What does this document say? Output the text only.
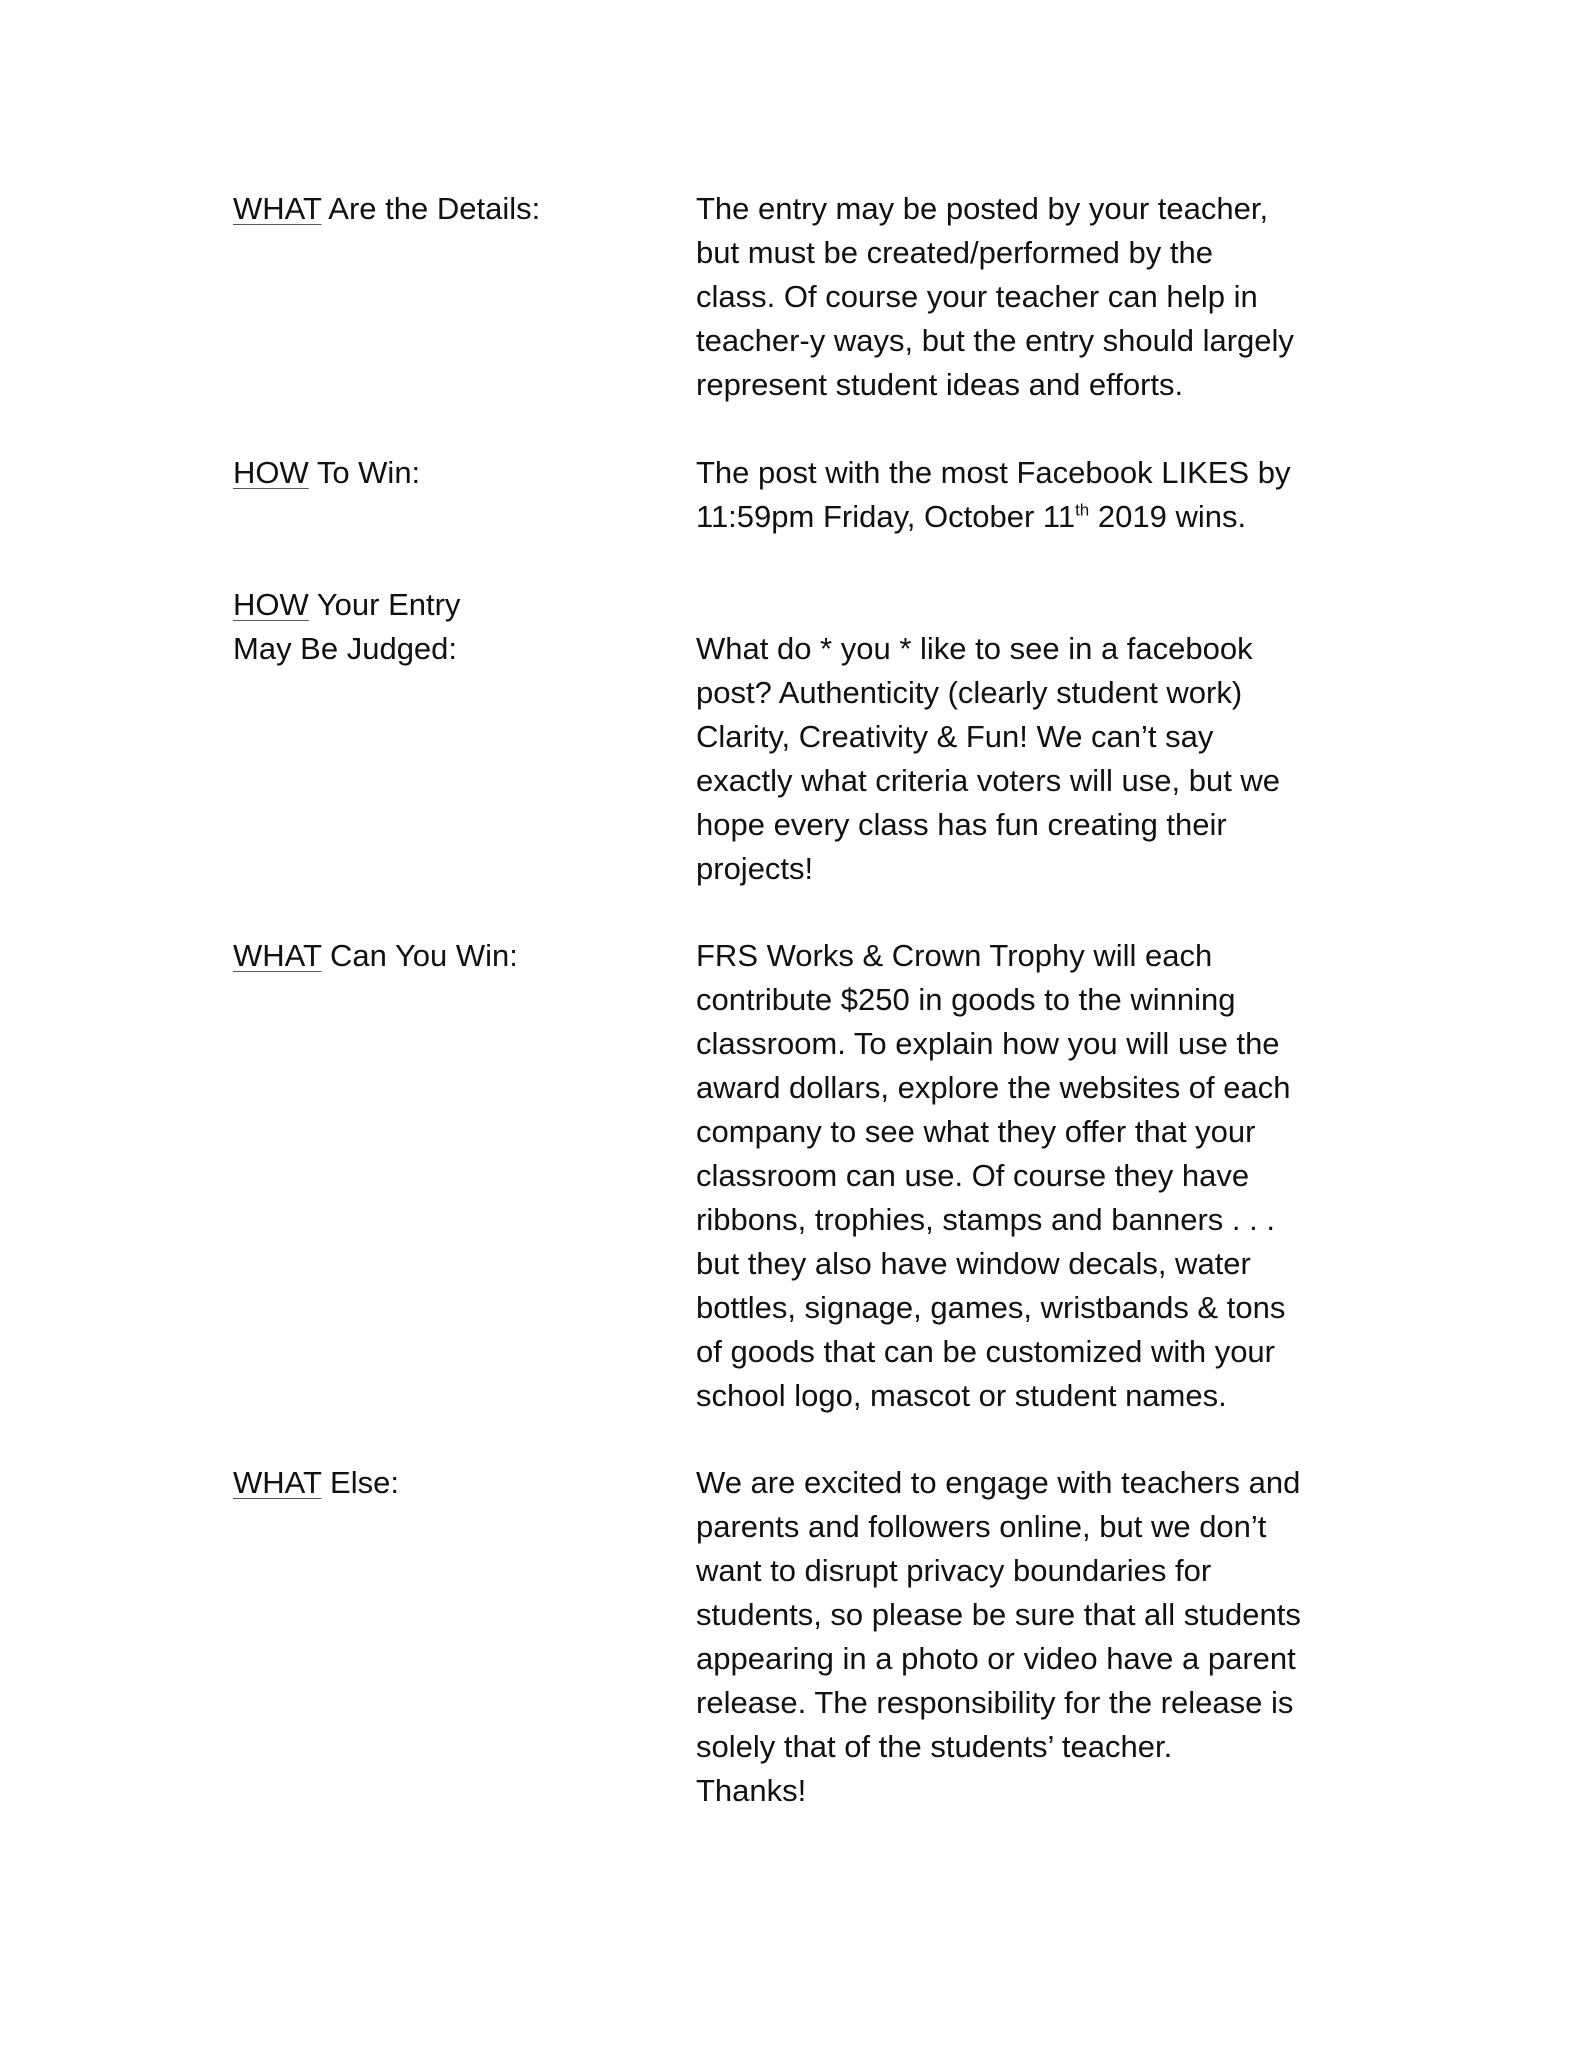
WHAT Are the Details:	The entry may be posted by your teacher,
but must be created/performed by the
class. Of course your teacher can help in
teacher-y ways, but the entry should largely
represent student ideas and efforts.
HOW To Win:	The post with the most Facebook LIKES by
11:59pm Friday, October 11th 2019 wins.
HOW Your Entry
May Be Judged:	What do * you * like to see in a facebook
post? Authenticity (clearly student work)
Clarity, Creativity & Fun! We can’t say
exactly what criteria voters will use, but we
hope every class has fun creating their
projects!
WHAT Can You Win:	FRS Works & Crown Trophy will each
contribute $250 in goods to the winning
classroom. To explain how you will use the
award dollars, explore the websites of each
company to see what they offer that your
classroom can use. Of course they have
ribbons, trophies, stamps and banners . . .
but they also have window decals, water
bottles, signage, games, wristbands & tons
of goods that can be customized with your
school logo, mascot or student names.
WHAT Else:	We are excited to engage with teachers and
parents and followers online, but we don’t
want to disrupt privacy boundaries for
students, so please be sure that all students
appearing in a photo or video have a parent
release. The responsibility for the release is
solely that of the students’ teacher.
Thanks!
